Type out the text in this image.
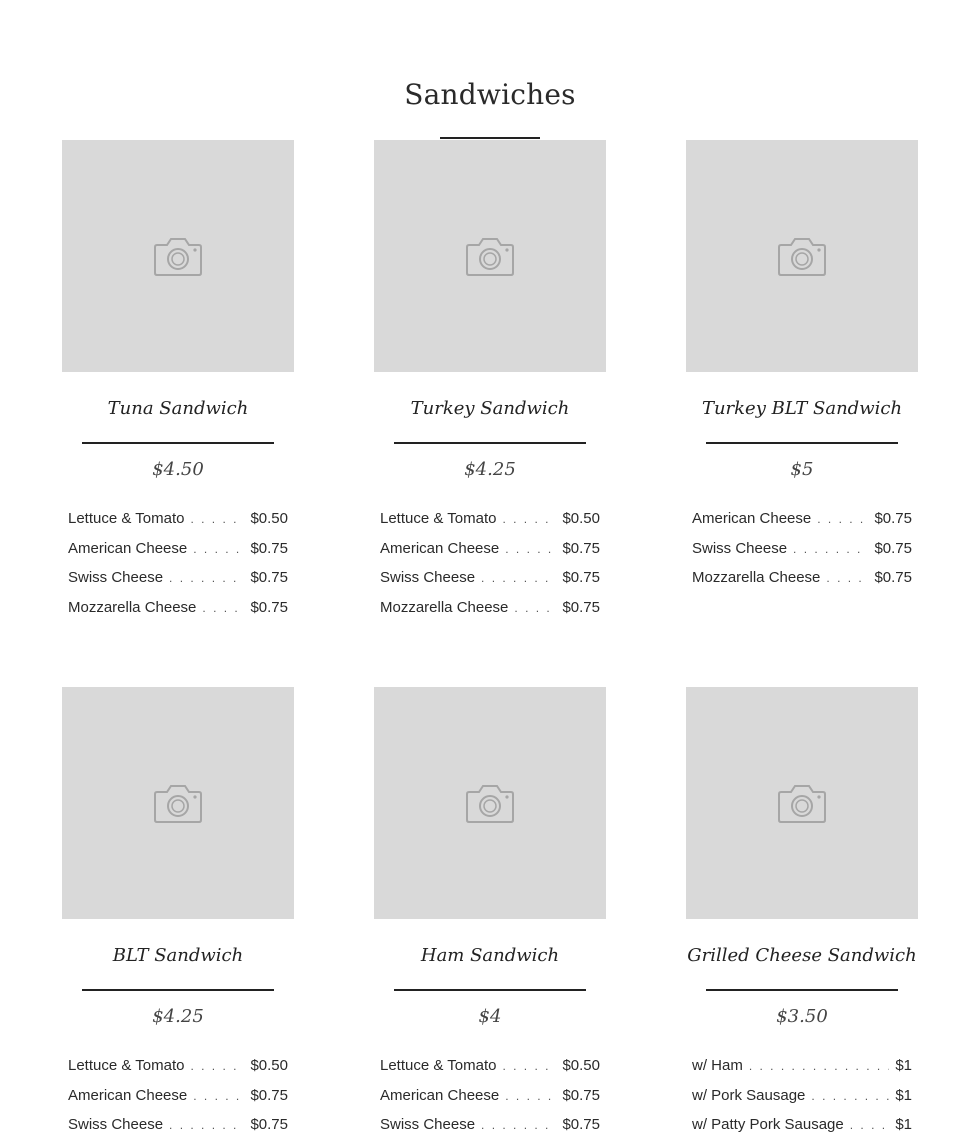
Sandwiches
Tuna Sandwich
$4.50
Lettuce & Tomato . . .	$0.50
American Cheese . . .	$0.75
Swiss Cheese . . .	$0.75
Mozzarella Cheese . . .	$0.75
Turkey Sandwich
$4.25
Lettuce & Tomato . . .	$0.50
American Cheese . . .	$0.75
Swiss Cheese . . .	$0.75
Mozzarella Cheese . . .	$0.75
Turkey BLT Sandwich
$5
American Cheese . . .	$0.75
Swiss Cheese . . .	$0.75
Mozzarella Cheese . . .	$0.75
BLT Sandwich
$4.25
Lettuce & Tomato . . .	$0.50
American Cheese . . .	$0.75
Swiss Cheese . . .	$0.75
Ham Sandwich
$4
Lettuce & Tomato . . .	$0.50
American Cheese . . .	$0.75
Swiss Cheese . . .	$0.75
Grilled Cheese Sandwich
$3.50
w/ Ham . . .	$1
w/ Pork Sausage . . .	$1
w/ Patty Pork Sausage . . .	$1
